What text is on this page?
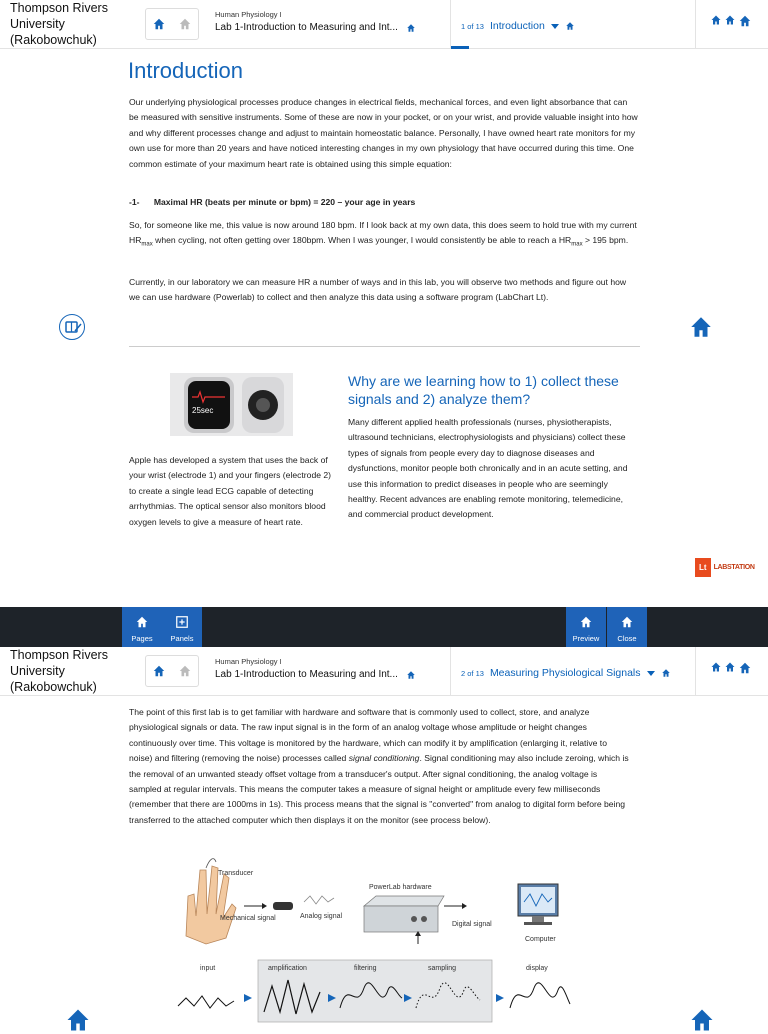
Thompson Rivers University (Rakobowchuk)
Human Physiology I
Lab 1-Introduction to Measuring and Int...	1 of 13 Introduction
Introduction
Our underlying physiological processes produce changes in electrical fields, mechanical forces, and even light absorbance that can be measured with sensitive instruments. Some of these are now in your pocket, or on your wrist, and provide valuable insight into how and why different processes change and adjust to maintain homeostatic balance. Personally, I have owned heart rate monitors for my own use for more than 20 years and have noticed interesting changes in my own physiology that have occurred during this time. One common estimate of your maximum heart rate is obtained using this simple equation:
-1- Maximal HR (beats per minute or bpm) = 220 – your age in years
So, for someone like me, this value is now around 180 bpm. If I look back at my own data, this does seem to hold true with my current $HR_{max}$ when cycling, not often getting over 180bpm. When I was younger, I would consistently be able to reach a $HR_{max} > 195$ bpm.
Currently, in our laboratory we can measure HR a number of ways and in this lab, you will observe two methods and figure out how we can use hardware (Powerlab) to collect and then analyze this data using a software program (LabChart Lt).
25sec
Apple has developed a system that uses the back of your wrist (electrode 1) and your fingers (electrode 2) to create a single lead ECG capable of detecting arrhythmias. The optical sensor also monitors blood oxygen levels to give a measure of heart rate.
Why are we learning how to 1) collect these signals and 2) analyze them?
Many different applied health professionals (nurses, physiotherapists, ultrasound technicians, electrophysiologists and physicians) collect these types of signals from people every day to diagnose diseases and dysfunctions, monitor people both chronically and in an acute setting, and use this information to predict diseases in people who are seemingly healthy. Recent advances are enabling remote monitoring, telemedicine, and commercial product development.
Lt	LABSTATION
Pages	Panels	Preview	Close
Thompson Rivers University (Rakobowchuk)
Human Physiology I
Lab 1-Introduction to Measuring and Int...	2 of 13 Measuring Physiological Signals
The point of this first lab is to get familiar with hardware and software that is commonly used to collect, store, and analyze physiological signals or data. The raw input signal is in the form of an analog voltage whose amplitude or height changes continuously over time. This voltage is monitored by the hardware, which can modify it by amplification (enlarging it, relative to noise) and filtering (removing the noise) processes called signal conditioning. Signal conditioning may also include zeroing, which is the removal of an unwanted steady offset voltage from a transducer's output. After signal conditioning, the analog voltage is sampled at regular intervals. This means the computer takes a measure of signal height or amplitude every few milliseconds (remember that there are 1000ms in 1s). This process means that the signal is "converted" from analog to digital form before being transferred to the attached computer which then displays it on the monitor (see process below).
Transducer
Mechanical signal	Analog signal
PowerLab hardware
Digital signal
Computer
input	amplification	filtering	sampling	display
